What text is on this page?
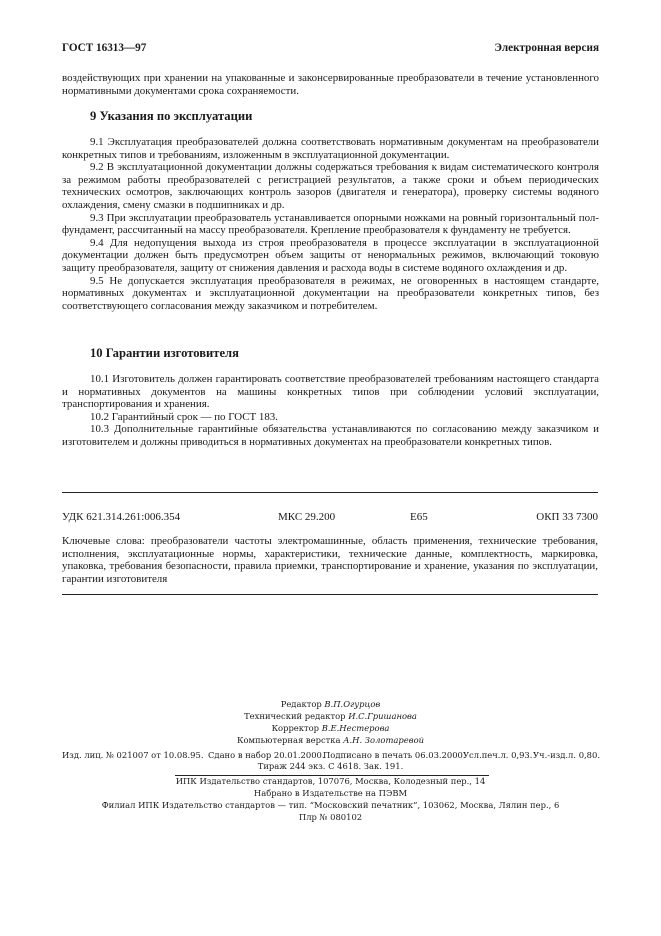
ГОСТ 16313—97	Электронная версия

воздействующих при хранении на упакованные и законсервированные преобразователи в течение установленного нормативными документами срока сохраняемости.

9 Указания по эксплуатации

9.1 Эксплуатация преобразователей должна соответствовать нормативным документам на преобразователи конкретных типов и требованиям, изложенным в эксплуатационной документации.

9.2 В эксплуатационной документации должны содержаться требования к видам систематического контроля за режимом работы преобразователей с регистрацией результатов, а также сроки и объем периодических технических осмотров, заключающих контроль зазоров (двигателя и генератора), проверку системы водяного охлаждения, смену смазки в подшипниках и др.

9.3 При эксплуатации преобразователь устанавливается опорными ножками на ровный горизонтальный пол-фундамент, рассчитанный на массу преобразователя. Крепление преобразователя к фундаменту не требуется.

9.4 Для недопущения выхода из строя преобразователя в процессе эксплуатации в эксплуатационной документации должен быть предусмотрен объем защиты от ненормальных режимов, включающий токовую защиту преобразователя, защиту от снижения давления и расхода воды в системе водяного охлаждения и др.

9.5 Не допускается эксплуатация преобразователя в режимах, не оговоренных в настоящем стандарте, нормативных документах и эксплуатационной документации на преобразователи конкретных типов, без соответствующего согласования между заказчиком и потребителем.

10 Гарантии изготовителя

10.1 Изготовитель должен гарантировать соответствие преобразователей требованиям настоящего стандарта и нормативных документов на машины конкретных типов при соблюдении условий эксплуатации, транспортирования и хранения.

10.2 Гарантийный срок — по ГОСТ 183.

10.3 Дополнительные гарантийные обязательства устанавливаются по согласованию между заказчиком и изготовителем и должны приводиться в нормативных документах на преобразователи конкретных типов.

УДК 621.314.261:006.354	МКС 29.200	Е65	ОКП 33 7300

Ключевые слова: преобразователи частоты электромашинные, область применения, технические требования, исполнения, эксплуатационные нормы, характеристики, технические данные, комплектность, маркировка, упаковка, требования безопасности, правила приемки, транспортирование и хранение, указания по эксплуатации, гарантии изготовителя

Редактор В.П.Огурцов
Технический редактор И.С.Гришанова
Корректор В.Е.Нестерова
Компьютерная верстка А.Н. Золотаревой
Изд. лиц. № 021007 от 10.08.95. Сдано в набор 20.01.2000.
Подписано в печать 06.03.2000.
Усл.печ.л. 0,93. Уч.-изд.л. 0,80.
Тираж 244 экз. С 4618. Зак. 191.
ИПК Издательство стандартов, 107076, Москва, Колодезный пер., 14
Набрано в Издательстве на ПЭВМ
Филиал ИПК Издательство стандартов — тип. “Московский печатник”, 103062, Москва, Лялин пер., 6
Плр № 080102
